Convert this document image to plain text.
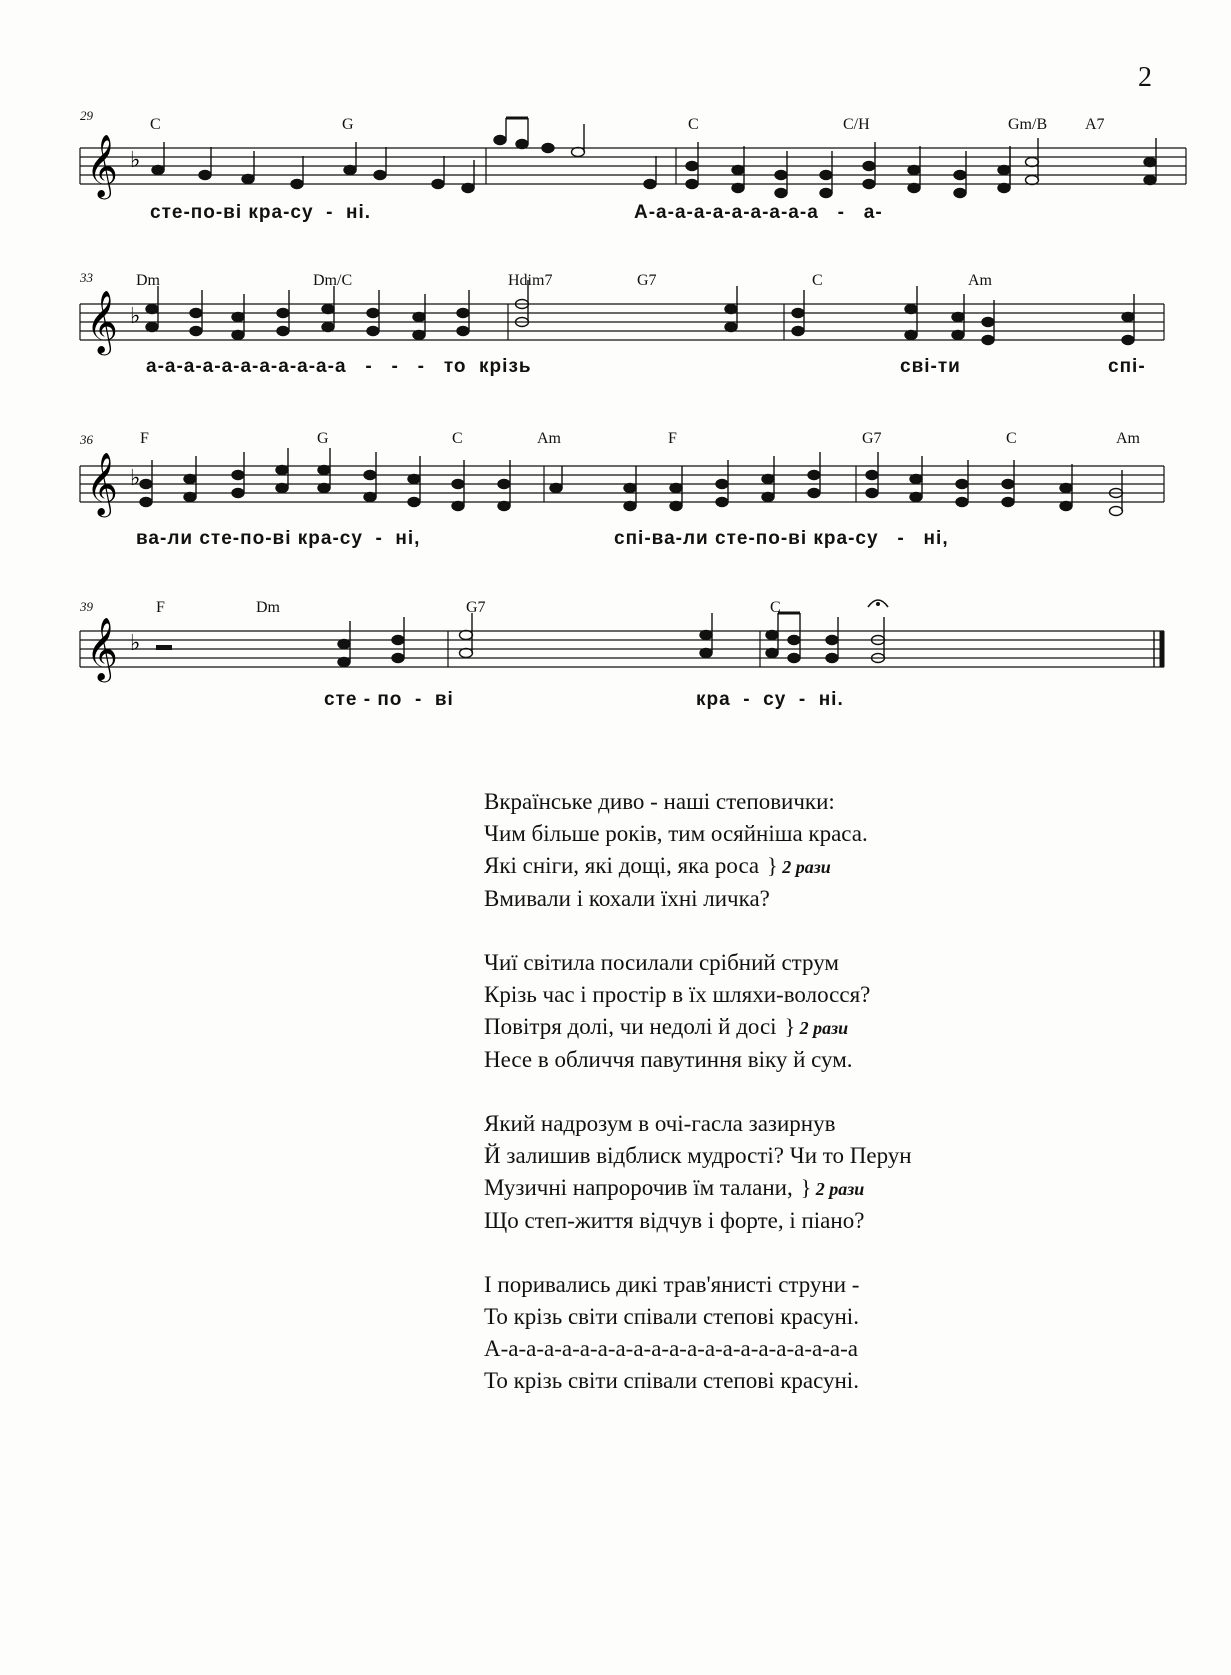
2
29
C	G	C	C/H	Gm/B A7
𝄞 ♭
сте-по-ві кра-су  -  ні.	А-а-а-а-а-а-а-а-а-а   -   а-
33	Dm	Dm/C	Hdim7	G7	C	Am
𝄞 ♭
а-а-а-а-а-а-а-а-а-а-а   -   -   -   то  крізь	сві-ти	спі-
36	F	G	C	Am	F	G7	C	Am
𝄞 ♭
ва-ли сте-по-ві кра-су  -  ні,	спі-ва-ли сте-по-ві кра-су   -   ні,
39	F	Dm	G7	C
𝄞 ♭
сте - по  -  ві	кра  -  су  -  ні.
Вкраїнське диво - наші степовички:
Чим більше років, тим осяйніша краса.
Які сніги, які дощі, яка роса } 2 рази
Вмивали і кохали їхні личка?
Чиї світила посилали срібний струм
Крізь час і простір в їх шляхи-волосся?
Повітря долі, чи недолі й досі } 2 рази
Несе в обличчя павутиння віку й сум.
Який надрозум в очі-гасла зазирнув
Й залишив відблиск мудрості? Чи то Перун
Музичні напророчив їм талани, } 2 рази
Що степ-життя відчув і форте, і піано?
І поривались дикі трав'янисті струни -
То крізь світи співали степові красуні.
А-а-а-а-а-а-а-а-а-а-а-а-а-а-а-а-а-а-а-а-а
То крізь світи співали степові красуні.
